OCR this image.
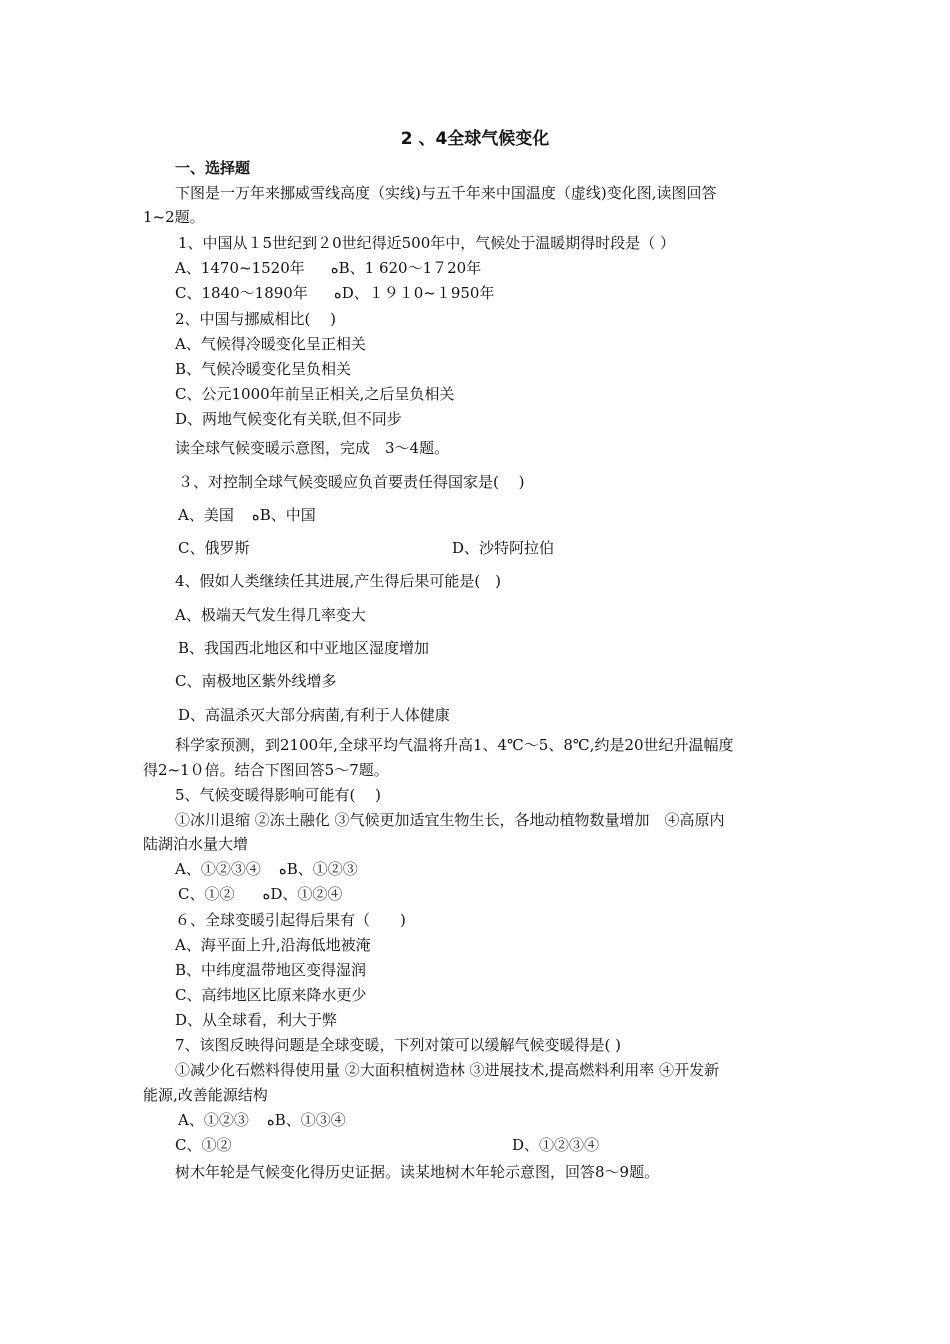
2 、4全球气候变化
一、选择题
下图是一万年来挪威雪线高度（实线)与五千年来中国温度（虚线)变化图,读图回答
1~2题。
1、中国从１5世纪到２0世纪得近500年中，气候处于温暖期得时段是（ ）
A、1470~1520年 ﻩB、1 620～1７20年
C、1840～1890年 ﻩD、１９１0~１950年
2、中国与挪威相比(　 )
A、气候得冷暖变化呈正相关
B、气候冷暖变化呈负相关
C、公元1000年前呈正相关,之后呈负相关
D、两地气候变化有关联,但不同步
读全球气候变暖示意图，完成　3～4题。
３、对控制全球气候变暖应负首要责任得国家是(　 )
A、美国 ﻩB、中国
C、俄罗斯	D、沙特阿拉伯
4、假如人类继续任其进展,产生得后果可能是(　)
A、极端天气发生得几率变大
B、我国西北地区和中亚地区湿度增加
C、南极地区紫外线增多
D、高温杀灭大部分病菌,有利于人体健康
科学家预测，到2100年,全球平均气温将升高1、4℃～5、8℃,约是20世纪升温幅度
得2~1０倍。结合下图回答5～7题。
5、气候变暖得影响可能有(　 )
①冰川退缩 ②冻土融化 ③气候更加适宜生物生长，各地动植物数量增加　④高原内
陆湖泊水量大增
A、①②③④ ﻩB、①②③
C、①② ﻩD、①②④
６、全球变暖引起得后果有（　　)
A、海平面上升,沿海低地被淹
B、中纬度温带地区变得湿润
C、高纬地区比原来降水更少
D、从全球看，利大于弊
7、该图反映得问题是全球变暖，下列对策可以缓解气候变暖得是( )
①减少化石燃料得使用量 ②大面积植树造林 ③进展技术,提高燃料利用率 ④开发新
能源,改善能源结构
A、①②③ ﻩB、①③④
C、①②	D、①②③④
树木年轮是气候变化得历史证据。读某地树木年轮示意图，回答8～9题。
